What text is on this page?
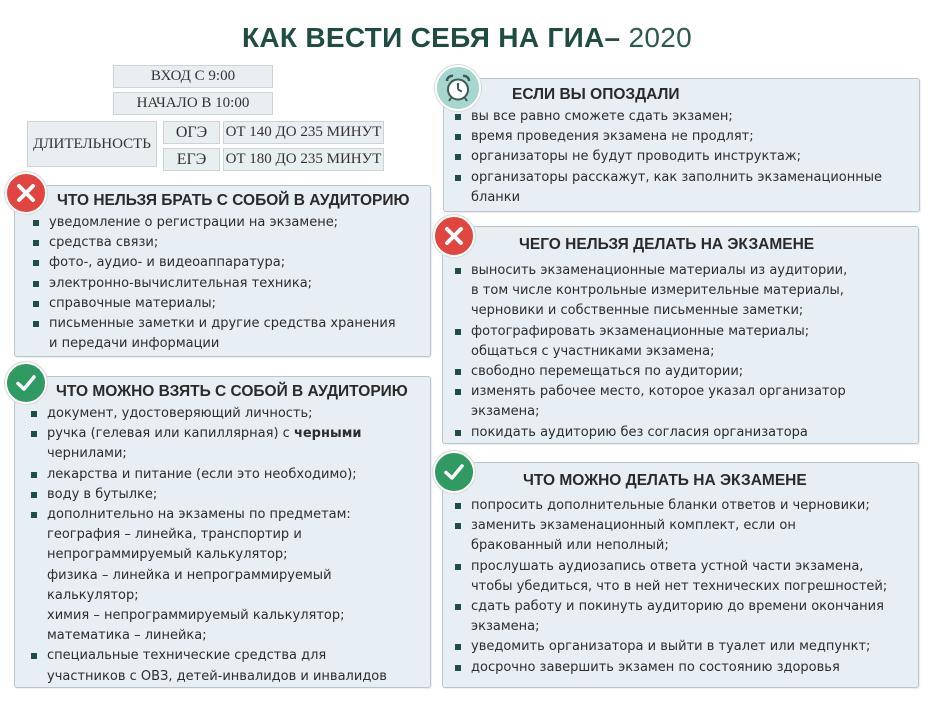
КАК ВЕСТИ СЕБЯ НА ГИА– 2020
ВХОД С 9:00
НАЧАЛО В 10:00
ДЛИТЕЛЬНОСТЬ
ОГЭ	ОТ 140 ДО 235 МИНУТ
ЕГЭ	ОТ 180 ДО 235 МИНУТ
ЕСЛИ ВЫ ОПОЗДАЛИ
вы все равно сможете сдать экзамен;
время проведения экзамена не продлят;
организаторы не будут проводить инструктаж;
организаторы расскажут, как заполнить экзаменационные
бланки
ЧТО НЕЛЬЗЯ БРАТЬ С СОБОЙ В АУДИТОРИЮ
уведомление о регистрации на экзамене;
средства связи;
фото-, аудио- и видеоаппаратура;
электронно-вычислительная техника;
справочные материалы;
письменные заметки и другие средства хранения
и передачи информации
ЧЕГО НЕЛЬЗЯ ДЕЛАТЬ НА ЭКЗАМЕНЕ
выносить экзаменационные материалы из аудитории,
в том числе контрольные измерительные материалы,
черновики и собственные письменные заметки;
фотографировать экзаменационные материалы;
общаться с участниками экзамена;
свободно перемещаться по аудитории;
изменять рабочее место, которое указал организатор
экзамена;
покидать аудиторию без согласия организатора
ЧТО МОЖНО ВЗЯТЬ С СОБОЙ В АУДИТОРИЮ
документ, удостоверяющий личность;
ручка (гелевая или капиллярная) с черными
чернилами;
лекарства и питание (если это необходимо);
воду в бутылке;
дополнительно на экзамены по предметам:
география – линейка, транспортир и
непрограммируемый калькулятор;
физика – линейка и непрограммируемый
калькулятор;
химия – непрограммируемый калькулятор;
математика – линейка;
специальные технические средства для
участников с ОВЗ, детей-инвалидов и инвалидов
ЧТО МОЖНО ДЕЛАТЬ НА ЭКЗАМЕНЕ
попросить дополнительные бланки ответов и черновики;
заменить экзаменационный комплект, если он
бракованный или неполный;
прослушать аудиозапись ответа устной части экзамена,
чтобы убедиться, что в ней нет технических погрешностей;
сдать работу и покинуть аудиторию до времени окончания
экзамена;
уведомить организатора и выйти в туалет или медпункт;
досрочно завершить экзамен по состоянию здоровья
